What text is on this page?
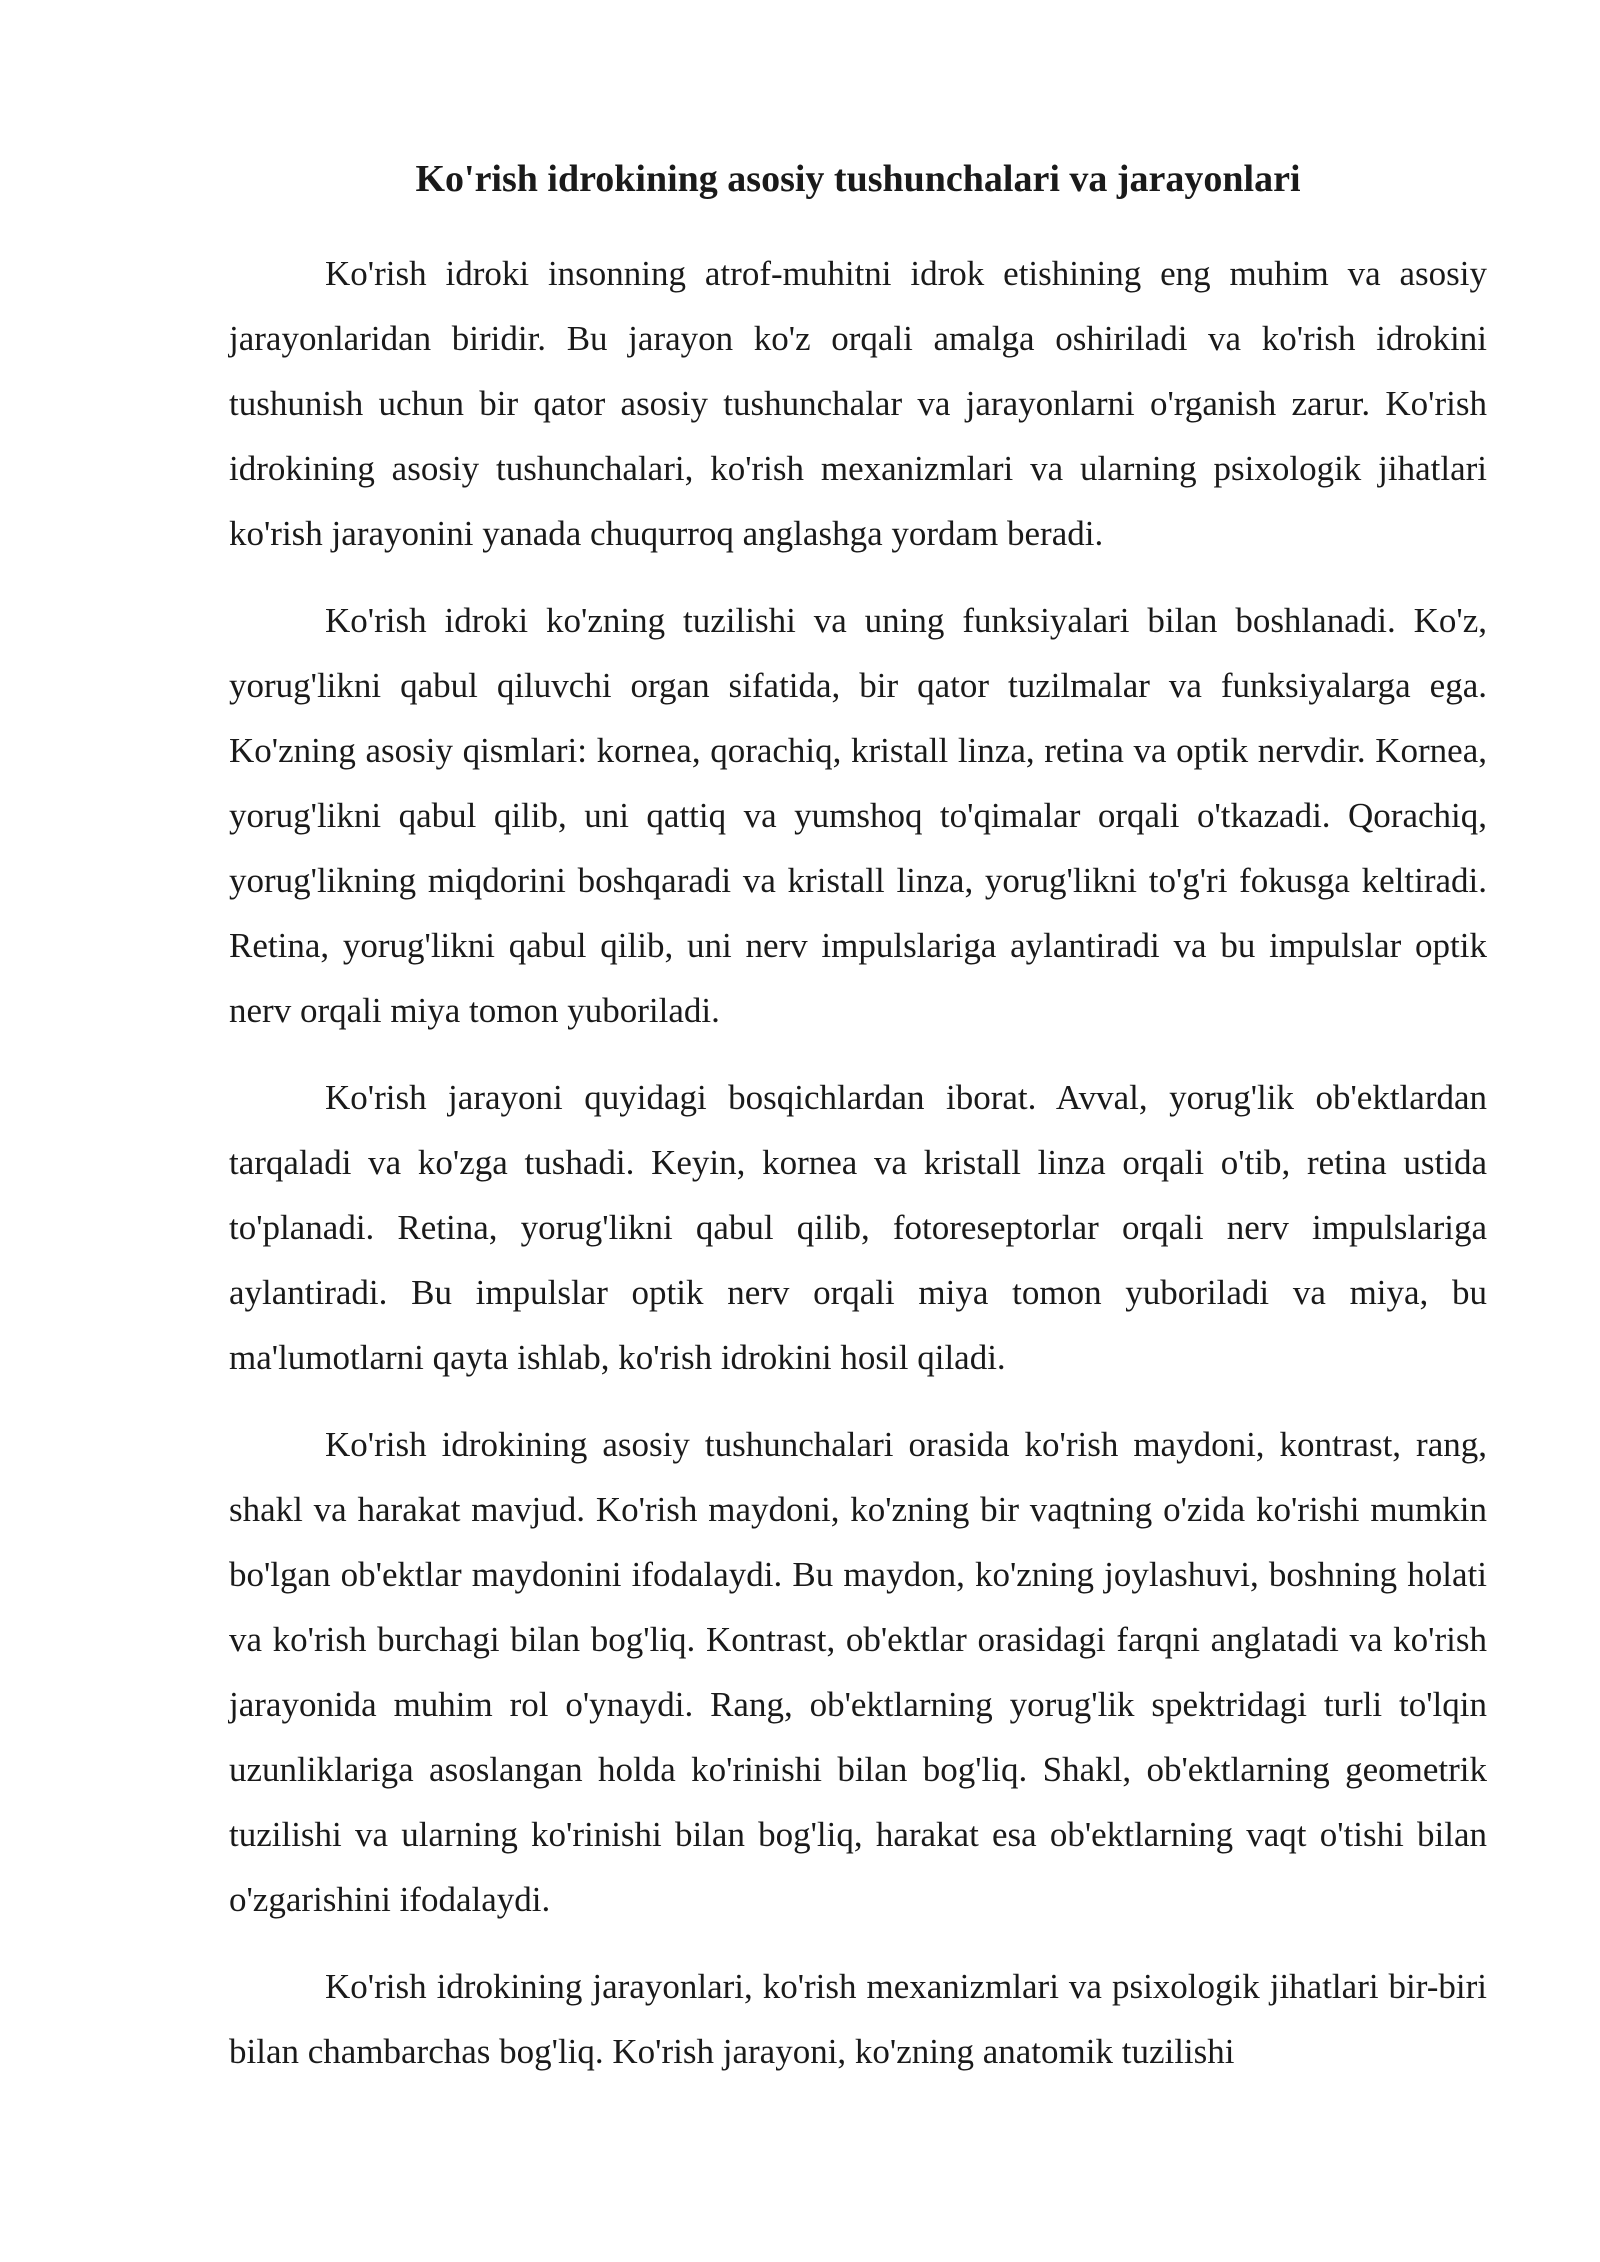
Ko'rish idrokining asosiy tushunchalari va jarayonlari

Ko'rish idroki insonning atrof-muhitni idrok etishining eng muhim va asosiy jarayonlaridan biridir. Bu jarayon ko'z orqali amalga oshiriladi va ko'rish idrokini tushunish uchun bir qator asosiy tushunchalar va jarayonlarni o'rganish zarur. Ko'rish idrokining asosiy tushunchalari, ko'rish mexanizmlari va ularning psixologik jihatlari ko'rish jarayonini yanada chuqurroq anglashga yordam beradi.

Ko'rish idroki ko'zning tuzilishi va uning funksiyalari bilan boshlanadi. Ko'z, yorug'likni qabul qiluvchi organ sifatida, bir qator tuzilmalar va funksiyalarga ega. Ko'zning asosiy qismlari: kornea, qorachiq, kristall linza, retina va optik nervdir. Kornea, yorug'likni qabul qilib, uni qattiq va yumshoq to'qimalar orqali o'tkazadi. Qorachiq, yorug'likning miqdorini boshqaradi va kristall linza, yorug'likni to'g'ri fokusga keltiradi. Retina, yorug'likni qabul qilib, uni nerv impulslariga aylantiradi va bu impulslar optik nerv orqali miya tomon yuboriladi.

Ko'rish jarayoni quyidagi bosqichlardan iborat. Avval, yorug'lik ob'ektlardan tarqaladi va ko'zga tushadi. Keyin, kornea va kristall linza orqali o'tib, retina ustida to'planadi. Retina, yorug'likni qabul qilib, fotoreseptorlar orqali nerv impulslariga aylantiradi. Bu impulslar optik nerv orqali miya tomon yuboriladi va miya, bu ma'lumotlarni qayta ishlab, ko'rish idrokini hosil qiladi.

Ko'rish idrokining asosiy tushunchalari orasida ko'rish maydoni, kontrast, rang, shakl va harakat mavjud. Ko'rish maydoni, ko'zning bir vaqtning o'zida ko'rishi mumkin bo'lgan ob'ektlar maydonini ifodalaydi. Bu maydon, ko'zning joylashuvi, boshning holati va ko'rish burchagi bilan bog'liq. Kontrast, ob'ektlar orasidagi farqni anglatadi va ko'rish jarayonida muhim rol o'ynaydi. Rang, ob'ektlarning yorug'lik spektridagi turli to'lqin uzunliklariga asoslangan holda ko'rinishi bilan bog'liq. Shakl, ob'ektlarning geometrik tuzilishi va ularning ko'rinishi bilan bog'liq, harakat esa ob'ektlarning vaqt o'tishi bilan o'zgarishini ifodalaydi.

Ko'rish idrokining jarayonlari, ko'rish mexanizmlari va psixologik jihatlari bir-biri bilan chambarchas bog'liq. Ko'rish jarayoni, ko'zning anatomik tuzilishi
